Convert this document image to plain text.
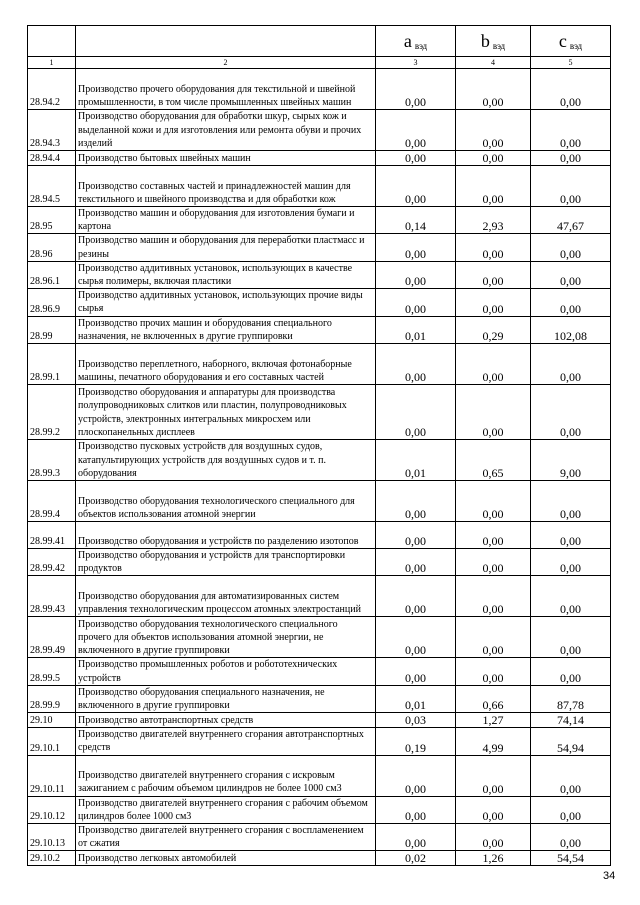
		a $_{вэд}$	b $_{вэд}$	c $_{вэд}$
1	2	3	4	5
28.94.2	Производство прочего оборудования для текстильной и швейной промышленности, в том числе промышленных швейных машин	0,00	0,00	0,00
28.94.3	Производство оборудования для обработки шкур, сырых кож и выделанной кожи и для изготовления или ремонта обуви и прочих изделий	0,00	0,00	0,00
28.94.4	Производство бытовых швейных машин	0,00	0,00	0,00
28.94.5	Производство составных частей и принадлежностей машин для текстильного и швейного производства и для обработки кож	0,00	0,00	0,00
28.95	Производство машин и оборудования для изготовления бумаги и картона	0,14	2,93	47,67
28.96	Производство машин и оборудования для переработки пластмасс и резины	0,00	0,00	0,00
28.96.1	Производство аддитивных установок, использующих в качестве сырья полимеры, включая пластики	0,00	0,00	0,00
28.96.9	Производство аддитивных установок, использующих прочие виды сырья	0,00	0,00	0,00
28.99	Производство прочих машин и оборудования специального назначения, не включенных в другие группировки	0,01	0,29	102,08
28.99.1	Производство переплетного, наборного, включая фотонаборные машины, печатного оборудования и его составных частей	0,00	0,00	0,00
28.99.2	Производство оборудования и аппаратуры для производства полупроводниковых слитков или пластин, полупроводниковых устройств, электронных интегральных микросхем или плоскопанельных дисплеев	0,00	0,00	0,00
28.99.3	Производство пусковых устройств для воздушных судов, катапультирующих устройств для воздушных судов и т. п. оборудования	0,01	0,65	9,00
28.99.4	Производство оборудования технологического специального для объектов использования атомной энергии	0,00	0,00	0,00
28.99.41	Производство оборудования и устройств по разделению изотопов	0,00	0,00	0,00
28.99.42	Производство оборудования и устройств для транспортировки продуктов	0,00	0,00	0,00
28.99.43	Производство оборудования для автоматизированных систем управления технологическим процессом атомных электростанций	0,00	0,00	0,00
28.99.49	Производство оборудования технологического специального прочего для объектов использования атомной энергии, не включенного в другие группировки	0,00	0,00	0,00
28.99.5	Производство промышленных роботов и робототехнических устройств	0,00	0,00	0,00
28.99.9	Производство оборудования специального назначения, не включенного в другие группировки	0,01	0,66	87,78
29.10	Производство автотранспортных средств	0,03	1,27	74,14
29.10.1	Производство двигателей внутреннего сгорания автотранспортных средств	0,19	4,99	54,94
29.10.11	Производство двигателей внутреннего сгорания с искровым зажиганием с рабочим объемом цилиндров не более 1000 см3	0,00	0,00	0,00
29.10.12	Производство двигателей внутреннего сгорания с рабочим объемом цилиндров более 1000 см3	0,00	0,00	0,00
29.10.13	Производство двигателей внутреннего сгорания с воспламенением от сжатия	0,00	0,00	0,00
29.10.2	Производство легковых автомобилей	0,02	1,26	54,54
34
